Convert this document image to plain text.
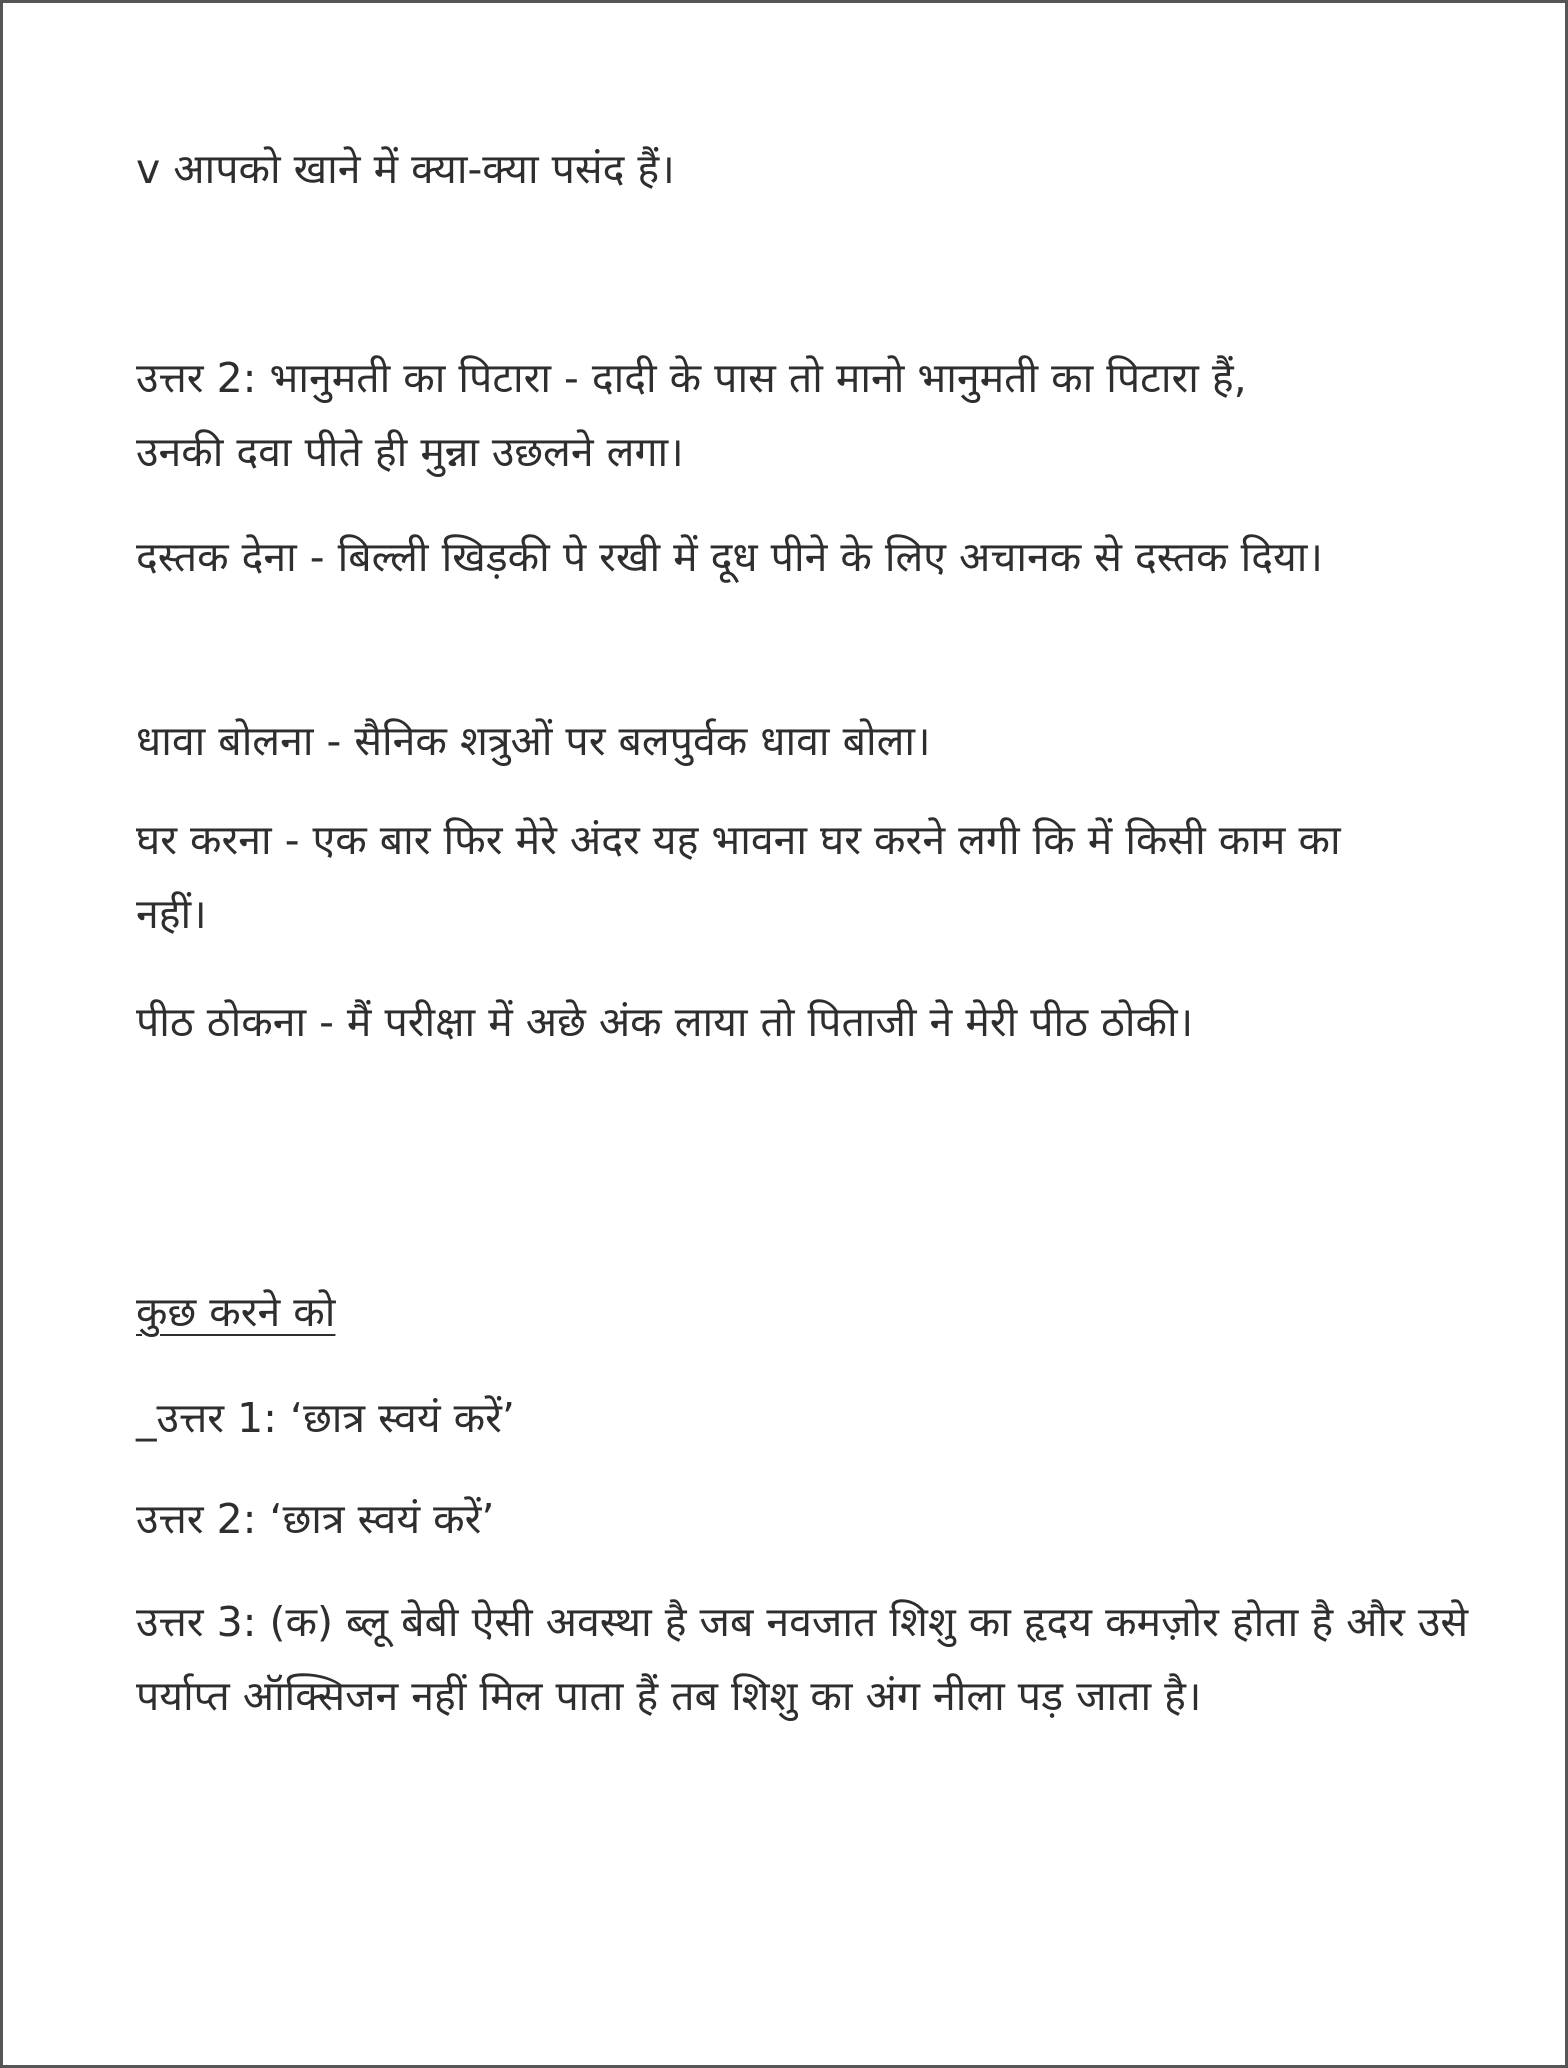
v आपको खाने में क्या-क्या पसंद हैं।

उत्तर 2: भानुमती का पिटारा - दादी के पास तो मानो भानुमती का पिटारा हैं, उनकी दवा पीते ही मुन्ना उछलने लगा।

दस्तक देना - बिल्ली खिड़की पे रखी में दूध पीने के लिए अचानक से दस्तक दिया।

धावा बोलना - सैनिक शत्रुओं पर बलपुर्वक धावा बोला।

घर करना - एक बार फिर मेरे अंदर यह भावना घर करने लगी कि में किसी काम का नहीं।

पीठ ठोकना - मैं परीक्षा में अछे अंक लाया तो पिताजी ने मेरी पीठ ठोकी।

कुछ करने को

_उत्तर 1: ‘छात्र स्वयं करें’

उत्तर 2: ‘छात्र स्वयं करें’

उत्तर 3: (क) ब्लू बेबी ऐसी अवस्था है जब नवजात शिशु का हृदय कमज़ोर होता है और उसे पर्याप्त ऑक्सिजन नहीं मिल पाता हैं तब शिशु का अंग नीला पड़ जाता है।
